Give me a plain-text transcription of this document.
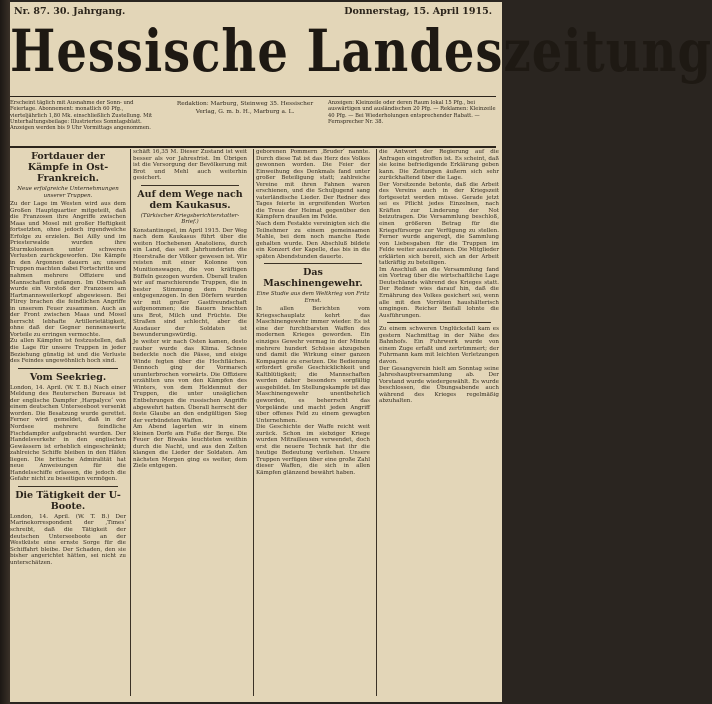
Nr. 87. 30. Jahrgang.	Donnerstag, 15. April 1915.
Hessische Landeszeitung
Erscheint täglich mit Ausnahme der Sonn- und Feiertage. Abonnement: monatlich 60 Pfg., vierteljährlich 1,80 Mk. einschließlich Zustellung. Mit Unterhaltungsbeilage: Illustriertes Sonntagsblatt. Anzeigen werden bis 9 Uhr Vormittags angenommen.
Redaktion: Marburg, Steinweg 35. Hessischer Verlag, G. m. b. H., Marburg a. L.
Anzeigen: Kleinzeile oder deren Raum lokal 15 Pfg., bei auswärtigen und ausländischen 20 Pfg. — Reklamen: Kleinzeile 40 Pfg. — Bei Wiederholungen entsprechender Rabatt. — Fernsprecher Nr. 38.
Fortdauer der Kämpfe in Ost-Frankreich.
Neue erfolgreiche Unternehmungen unserer Truppen.

Zu der Lage im Westen wird aus dem Großen Hauptquartier mitgeteilt, daß die Franzosen ihre Angriffe zwischen Maas und Mosel mit großer Heftigkeit fortsetzten, ohne jedoch irgendwelche Erfolge zu erzielen. Bei Ailly und im Priesterwalde wurden ihre Sturmkolonnen unter schweren Verlusten zurückgeworfen. Die Kämpfe in den Argonnen dauern an; unsere Truppen machten dabei Fortschritte und nahmen mehrere Offiziere und Mannschaften gefangen. Im Oberelsaß wurde ein Vorstoß der Franzosen am Hartmannsweilerkopf abgewiesen. Bei Flirey brachen die feindlichen Angriffe in unserem Feuer zusammen. Auch an der Front zwischen Maas und Mosel herrscht lebhafte Artillerietätigkeit, ohne daß der Gegner nennenswerte Vorteile zu erringen vermochte.

Zu allen Kämpfen ist festzustellen, daß die Lage für unsere Truppen in jeder Beziehung günstig ist und die Verluste des Feindes ungewöhnlich hoch sind.

Vom Seekrieg.

London, 14. April. (W. T. B.) Nach einer Meldung des Reuterschen Bureaus ist der englische Dampfer ‚Harpalyce‘ von einem deutschen Unterseeboot versenkt worden. Die Besatzung wurde gerettet. Ferner wird gemeldet, daß in der Nordsee mehrere feindliche Fischdampfer aufgebracht wurden. Der Handelsverkehr in den englischen Gewässern ist erheblich eingeschränkt; zahlreiche Schiffe bleiben in den Häfen liegen. Die britische Admiralität hat neue Anweisungen für die Handelsschiffe erlassen, die jedoch die Gefahr nicht zu beseitigen vermögen.

Die Tätigkeit der U-Boote.

London, 14. April. (W. T. B.) Der Marinekorrespondent der ‚Times‘ schreibt, daß die Tätigkeit der deutschen Unterseeboote an der Westküste eine ernste Sorge für die Schiffahrt bleibe. Der Schaden, den sie bisher angerichtet hätten, sei nicht zu unterschätzen.

schäft 16,35 M. Dieser Zustand ist weit besser als vor Jahresfrist. Im Übrigen ist die Versorgung der Bevölkerung mit Brot und Mehl auch weiterhin gesichert.

Auf dem Wege nach dem Kaukasus.
(Türkischer Kriegsberichterstatter-Brief.)

Konstantinopel, im April 1915. Der Weg nach dem Kaukasus führt über die weiten Hochebenen Anatoliens, durch ein Land, das seit Jahrhunderten die Heerstraße der Völker gewesen ist. Wir reisten mit einer Kolonne von Munitionswagen, die von kräftigen Büffeln gezogen wurden. Überall trafen wir auf marschierende Truppen, die in bester Stimmung dem Feinde entgegenzogen. In den Dörfern wurden wir mit großer Gastfreundschaft aufgenommen; die Bauern brachten uns Brot, Milch und Früchte. Die Straßen sind schlecht, aber die Ausdauer der Soldaten ist bewunderungswürdig.

Je weiter wir nach Osten kamen, desto rauher wurde das Klima. Schnee bedeckte noch die Pässe, und eisige Winde fegten über die Hochflächen. Dennoch ging der Vormarsch ununterbrochen vorwärts. Die Offiziere erzählten uns von den Kämpfen des Winters, von dem Heldenmut der Truppen, die unter unsäglichen Entbehrungen die russischen Angriffe abgewehrt hatten. Überall herrscht der feste Glaube an den endgültigen Sieg der verbündeten Waffen.

Am Abend lagerten wir in einem kleinen Dorfe am Fuße der Berge. Die Feuer der Biwaks leuchteten weithin durch die Nacht, und aus den Zelten klangen die Lieder der Soldaten. Am nächsten Morgen ging es weiter, dem Ziele entgegen.

geborenen Pommern ‚Bruder‘ nannte. Durch diese Tat ist das Herz des Volkes gewonnen worden. Die Feier der Einweihung des Denkmals fand unter großer Beteiligung statt; zahlreiche Vereine mit ihren Fahnen waren erschienen, und die Schuljugend sang vaterländische Lieder. Der Redner des Tages feierte in ergreifenden Worten die Treue der Heimat gegenüber den Kämpfern draußen im Felde.

Nach dem Festakte vereinigten sich die Teilnehmer zu einem gemeinsamen Mahle, bei dem noch manche Rede gehalten wurde. Den Abschluß bildete ein Konzert der Kapelle, das bis in die späten Abendstunden dauerte.

Das Maschinengewehr.
Eine Studie aus dem Weltkrieg von Fritz Ernst.

In allen Berichten vom Kriegsschauplatz kehrt das Maschinengewehr immer wieder. Es ist eine der furchtbarsten Waffen des modernen Krieges geworden. Ein einziges Gewehr vermag in der Minute mehrere hundert Schüsse abzugeben und damit die Wirkung einer ganzen Kompagnie zu ersetzen. Die Bedienung erfordert große Geschicklichkeit und Kaltblütigkeit; die Mannschaften werden daher besonders sorgfältig ausgebildet. Im Stellungskampfe ist das Maschinengewehr unentbehrlich geworden, es beherrscht das Vorgelände und macht jeden Angriff über offenes Feld zu einem gewagten Unternehmen.

Die Geschichte der Waffe reicht weit zurück. Schon im siebziger Kriege wurden Mitrailleusen verwendet, doch erst die neuere Technik hat ihr die heutige Bedeutung verliehen. Unsere Truppen verfügen über eine große Zahl dieser Waffen, die sich in allen Kämpfen glänzend bewährt haben.

die Antwort der Regierung auf die Anfragen eingetroffen ist. Es scheint, daß sie keine befriedigende Erklärung geben kann. Die Zeitungen äußern sich sehr zurückhaltend über die Lage.

Der Vorsitzende betonte, daß die Arbeit des Vereins auch in der Kriegszeit fortgesetzt werden müsse. Gerade jetzt sei es Pflicht jedes Einzelnen, nach Kräften zur Linderung der Not beizutragen. Die Versammlung beschloß, einen größeren Betrag für die Kriegsfürsorge zur Verfügung zu stellen. Ferner wurde angeregt, die Sammlung von Liebesgaben für die Truppen im Felde weiter auszudehnen. Die Mitglieder erklärten sich bereit, sich an der Arbeit tatkräftig zu beteiligen.

Im Anschluß an die Versammlung fand ein Vortrag über die wirtschaftliche Lage Deutschlands während des Krieges statt. Der Redner wies darauf hin, daß die Ernährung des Volkes gesichert sei, wenn alle mit den Vorräten haushälterisch umgingen. Reicher Beifall lohnte die Ausführungen.

Zu einem schweren Unglücksfall kam es gestern Nachmittag in der Nähe des Bahnhofs. Ein Fuhrwerk wurde von einem Zuge erfaßt und zertrümmert; der Fuhrmann kam mit leichten Verletzungen davon.

Der Gesangverein hielt am Sonntag seine Jahreshauptversammlung ab. Der Vorstand wurde wiedergewählt. Es wurde beschlossen, die Übungsabende auch während des Krieges regelmäßig abzuhalten.
